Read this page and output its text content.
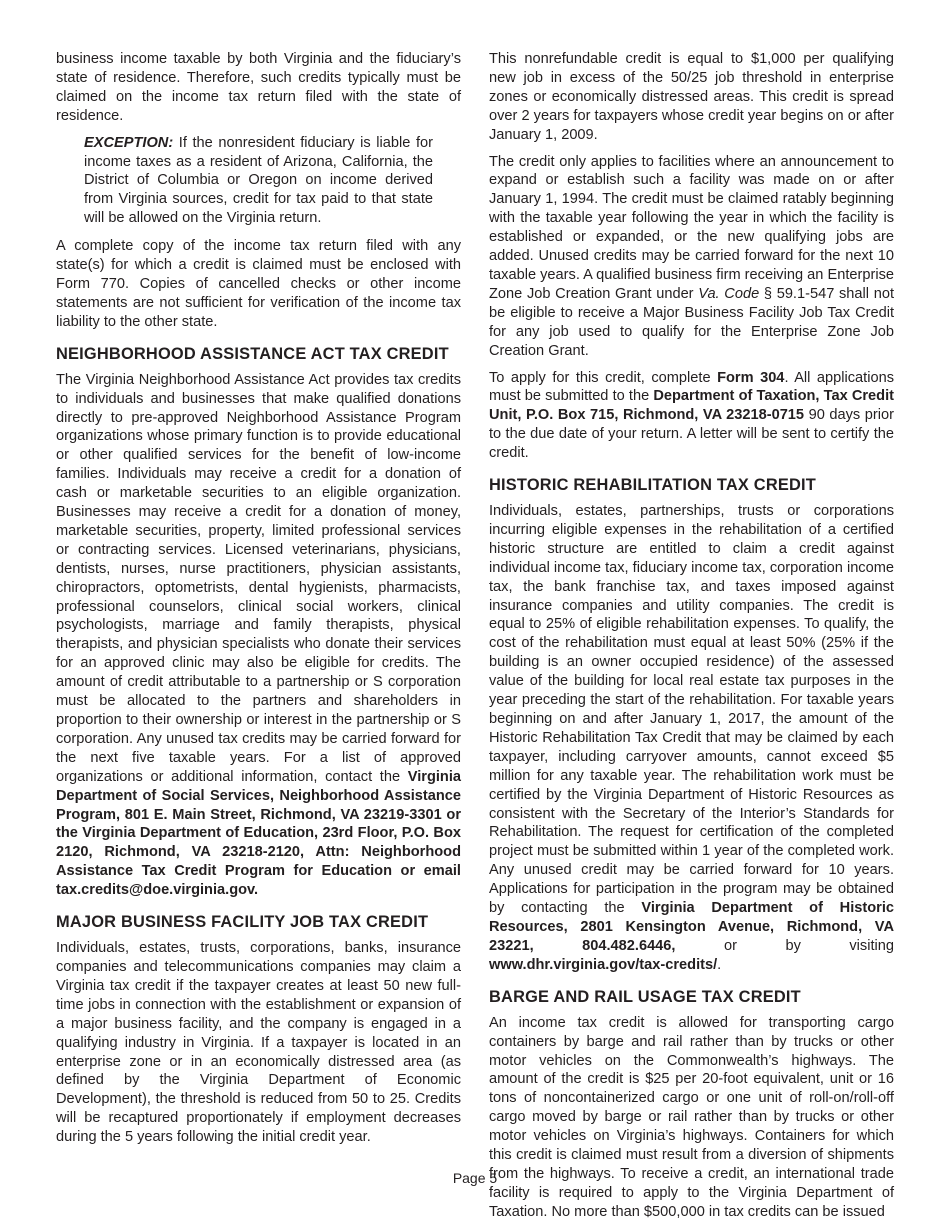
business income taxable by both Virginia and the fiduciary’s state of residence. Therefore, such credits typically must be claimed on the income tax return filed with the state of residence.

EXCEPTION: If the nonresident fiduciary is liable for income taxes as a resident of Arizona, California, the District of Columbia or Oregon on income derived from Virginia sources, credit for tax paid to that state will be allowed on the Virginia return.

A complete copy of the income tax return filed with any state(s) for which a credit is claimed must be enclosed with Form 770. Copies of cancelled checks or other income statements are not sufficient for verification of the income tax liability to the other state.

NEIGHBORHOOD ASSISTANCE ACT TAX CREDIT

The Virginia Neighborhood Assistance Act provides tax credits to individuals and businesses that make qualified donations directly to pre-approved Neighborhood Assistance Program organizations whose primary function is to provide educational or other qualified services for the benefit of low-income families. Individuals may receive a credit for a donation of cash or marketable securities to an eligible organization. Businesses may receive a credit for a donation of money, marketable securities, property, limited professional services or contracting services. Licensed veterinarians, physicians, dentists, nurses, nurse practitioners, physician assistants, chiropractors, optometrists, dental hygienists, pharmacists, professional counselors, clinical social workers, clinical psychologists, marriage and family therapists, physical therapists, and physician specialists who donate their services for an approved clinic may also be eligible for credits. The amount of credit attributable to a partnership or S corporation must be allocated to the partners and shareholders in proportion to their ownership or interest in the partnership or S corporation. Any unused tax credits may be carried forward for the next five taxable years. For a list of approved organizations or additional information, contact the Virginia Department of Social Services, Neighborhood Assistance Program, 801 E. Main Street, Richmond, VA 23219-3301 or the Virginia Department of Education, 23rd Floor, P.O. Box 2120, Richmond, VA 23218-2120, Attn: Neighborhood Assistance Tax Credit Program for Education or email tax.credits@doe.virginia.gov.

MAJOR BUSINESS FACILITY JOB TAX CREDIT

Individuals, estates, trusts, corporations, banks, insurance companies and telecommunications companies may claim a Virginia tax credit if the taxpayer creates at least 50 new full-time jobs in connection with the establishment or expansion of a major business facility, and the company is engaged in a qualifying industry in Virginia. If a taxpayer is located in an enterprise zone or in an economically distressed area (as defined by the Virginia Department of Economic Development), the threshold is reduced from 50 to 25. Credits will be recaptured proportionately if employment decreases during the 5 years following the initial credit year.

This nonrefundable credit is equal to $1,000 per qualifying new job in excess of the 50/25 job threshold in enterprise zones or economically distressed areas. This credit is spread over 2 years for taxpayers whose credit year begins on or after January 1, 2009.

The credit only applies to facilities where an announcement to expand or establish such a facility was made on or after January 1, 1994. The credit must be claimed ratably beginning with the taxable year following the year in which the facility is established or expanded, or the new qualifying jobs are added. Unused credits may be carried forward for the next 10 taxable years. A qualified business firm receiving an Enterprise Zone Job Creation Grant under Va. Code § 59.1-547 shall not be eligible to receive a Major Business Facility Job Tax Credit for any job used to qualify for the Enterprise Zone Job Creation Grant.

To apply for this credit, complete Form 304. All applications must be submitted to the Department of Taxation, Tax Credit Unit, P.O. Box 715, Richmond, VA 23218-0715 90 days prior to the due date of your return. A letter will be sent to certify the credit.

HISTORIC REHABILITATION TAX CREDIT

Individuals, estates, partnerships, trusts or corporations incurring eligible expenses in the rehabilitation of a certified historic structure are entitled to claim a credit against individual income tax, fiduciary income tax, corporation income tax, the bank franchise tax, and taxes imposed against insurance companies and utility companies. The credit is equal to 25% of eligible rehabilitation expenses. To qualify, the cost of the rehabilitation must equal at least 50% (25% if the building is an owner occupied residence) of the assessed value of the building for local real estate tax purposes in the year preceding the start of the rehabilitation. For taxable years beginning on and after January 1, 2017, the amount of the Historic Rehabilitation Tax Credit that may be claimed by each taxpayer, including carryover amounts, cannot exceed $5 million for any taxable year. The rehabilitation work must be certified by the Virginia Department of Historic Resources as consistent with the Secretary of the Interior’s Standards for Rehabilitation. The request for certification of the completed project must be submitted within 1 year of the completed work. Any unused credit may be carried forward for 10 years. Applications for participation in the program may be obtained by contacting the Virginia Department of Historic Resources, 2801 Kensington Avenue, Richmond, VA 23221, 804.482.6446, or by visiting www.dhr.virginia.gov/tax-credits/.

BARGE AND RAIL USAGE TAX CREDIT

An income tax credit is allowed for transporting cargo containers by barge and rail rather than by trucks or other motor vehicles on the Commonwealth’s highways. The amount of the credit is $25 per 20-foot equivalent, unit or 16 tons of noncontainerized cargo or one unit of roll-on/roll-off cargo moved by barge or rail rather than by trucks or other motor vehicles on Virginia’s highways. Containers for which this credit is claimed must result from a diversion of shipments from the highways. To receive a credit, an international trade facility is required to apply to the Virginia Department of Taxation. No more than $500,000 in tax credits can be issued

Page 5
